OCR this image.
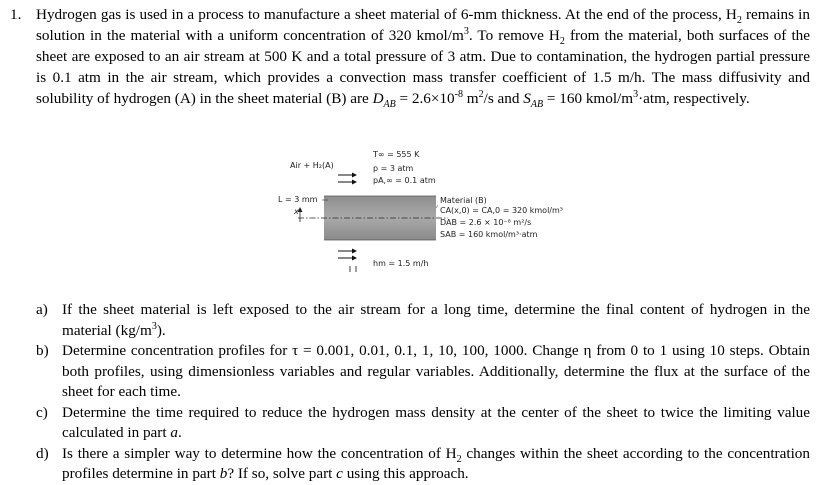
1. Hydrogen gas is used in a process to manufacture a sheet material of 6-mm thickness. At the end of the process, $H_2$ remains in solution in the material with a uniform concentration of 320 kmol/$m^3$. To remove $H_2$ from the material, both surfaces of the sheet are exposed to an air stream at 500 K and a total pressure of 3 atm. Due to contamination, the hydrogen partial pressure is 0.1 atm in the air stream, which provides a convection mass transfer coefficient of 1.5 m/h. The mass diffusivity and solubility of hydrogen (A) in the sheet material (B) are $D_{AB} = 2.6\times 10^{-8}$ $m^2/s$ and $S_{AB} = 160$ kmol/$m^3\cdot atm$, respectively.
Air + H₂(A)
T∞ = 555 K
p = 3 atm
pA,∞ = 0.1 atm
L = 3 mm
x
Material (B)
CA(x,0) = CA,0 = 320 kmol/m³
DAB = 2.6 × 10⁻⁸ m²/s
SAB = 160 kmol/m³·atm
hm = 1.5 m/h
a) If the sheet material is left exposed to the air stream for a long time, determine the final content of hydrogen in the material $(kg/m^3)$.
b) Determine concentration profiles for τ = 0.001, 0.01, 0.1, 1, 10, 100, 1000. Change η from 0 to 1 using 10 steps. Obtain both profiles, using dimensionless variables and regular variables. Additionally, determine the flux at the surface of the sheet for each time.
c) Determine the time required to reduce the hydrogen mass density at the center of the sheet to twice the limiting value calculated in part a.
d) Is there a simpler way to determine how the concentration of $H_2$ changes within the sheet according to the concentration profiles determine in part b? If so, solve part c using this approach.
